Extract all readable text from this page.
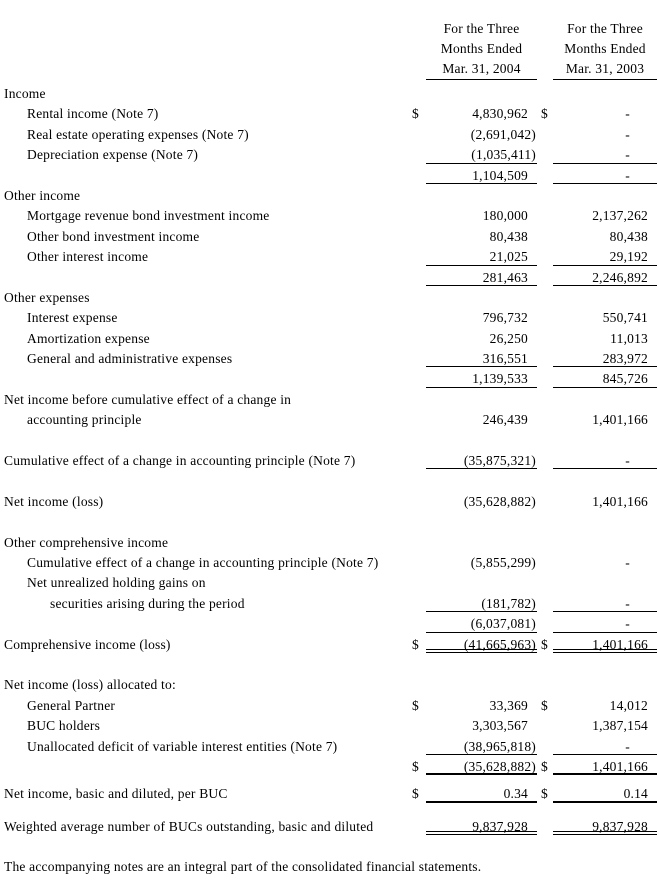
For the Three
Months Ended
Mar. 31, 2004
For the Three
Months Ended
Mar. 31, 2003
Income
Rental income (Note 7)	$	4,830,962 $	-
Real estate operating expenses (Note 7)	(2,691,042)	-
Depreciation expense (Note 7)	(1,035,411)	-
1,104,509	-
Other income
Mortgage revenue bond investment income	180,000	2,137,262
Other bond investment income	80,438	80,438
Other interest income	21,025	29,192
281,463	2,246,892
Other expenses
Interest expense	796,732	550,741
Amortization expense	26,250	11,013
General and administrative expenses	316,551	283,972
1,139,533	845,726
Net income before cumulative effect of a change in
accounting principle	246,439	1,401,166
Cumulative effect of a change in accounting principle (Note 7)	(35,875,321)	-
Net income (loss)	(35,628,882)	1,401,166
Other comprehensive income
Cumulative effect of a change in accounting principle (Note 7)	(5,855,299)	-
Net unrealized holding gains on
securities arising during the period	(181,782)	-
(6,037,081)	-
Comprehensive income (loss)	$	(41,665,963) $	1,401,166
Net income (loss) allocated to:
General Partner	$	33,369 $	14,012
BUC holders	3,303,567	1,387,154
Unallocated deficit of variable interest entities (Note 7)	(38,965,818)	-
$	(35,628,882) $	1,401,166
Net income, basic and diluted, per BUC	$	0.34 $	0.14
Weighted average number of BUCs outstanding, basic and diluted	9,837,928	9,837,928
The accompanying notes are an integral part of the consolidated financial statements.
